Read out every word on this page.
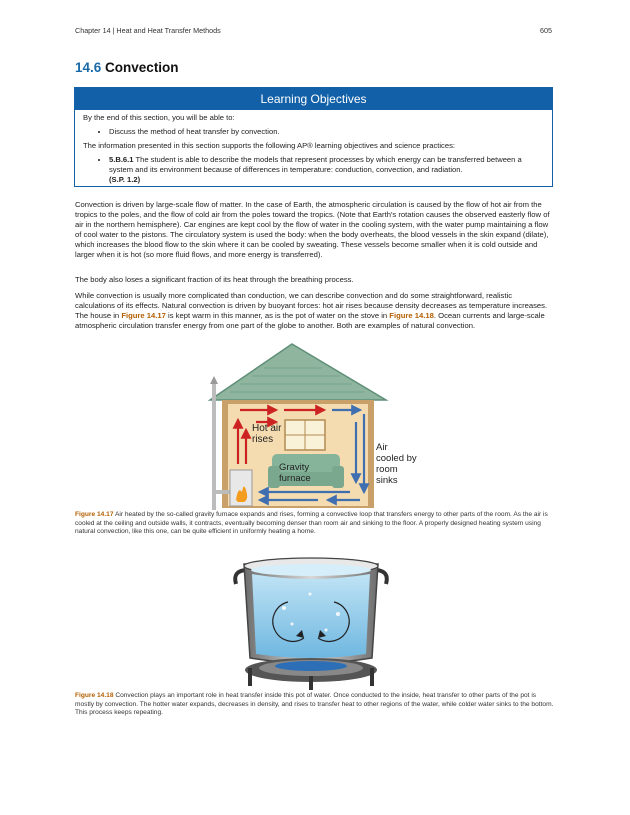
Chapter 14 | Heat and Heat Transfer Methods	605
14.6 Convection
Learning Objectives

By the end of this section, you will be able to:

• Discuss the method of heat transfer by convection.

The information presented in this section supports the following AP® learning objectives and science practices:

• 5.B.6.1 The student is able to describe the models that represent processes by which energy can be transferred between a system and its environment because of differences in temperature: conduction, convection, and radiation.
(S.P. 1.2)
Convection is driven by large-scale flow of matter. In the case of Earth, the atmospheric circulation is caused by the flow of hot air from the tropics to the poles, and the flow of cold air from the poles toward the tropics. (Note that Earth's rotation causes the observed easterly flow of air in the northern hemisphere). Car engines are kept cool by the flow of water in the cooling system, with the water pump maintaining a flow of cool water to the pistons. The circulatory system is used the body: when the body overheats, the blood vessels in the skin expand (dilate), which increases the blood flow to the skin where it can be cooled by sweating. These vessels become smaller when it is cold outside and larger when it is hot (so more fluid flows, and more energy is transferred).
The body also loses a significant fraction of its heat through the breathing process.

While convection is usually more complicated than conduction, we can describe convection and do some straightforward, realistic calculations of its effects. Natural convection is driven by buoyant forces: hot air rises because density decreases as temperature increases. The house in Figure 14.17 is kept warm in this manner, as is the pot of water on the stove in Figure 14.18. Ocean currents and large-scale atmospheric circulation transfer energy from one part of the globe to another. Both are examples of natural convection.

Hot air rises
Air cooled by room sinks
Gravity furnace
Figure 14.17 Air heated by the so-called gravity furnace expands and rises, forming a convective loop that transfers energy to other parts of the room. As the air is cooled at the ceiling and outside walls, it contracts, eventually becoming denser than room air and sinking to the floor. A properly designed heating system using natural convection, like this one, can be quite efficient in uniformly heating a home.
Figure 14.18 Convection plays an important role in heat transfer inside this pot of water. Once conducted to the inside, heat transfer to other parts of the pot is mostly by convection. The hotter water expands, decreases in density, and rises to transfer heat to other regions of the water, while colder water sinks to the bottom. This process keeps repeating.
